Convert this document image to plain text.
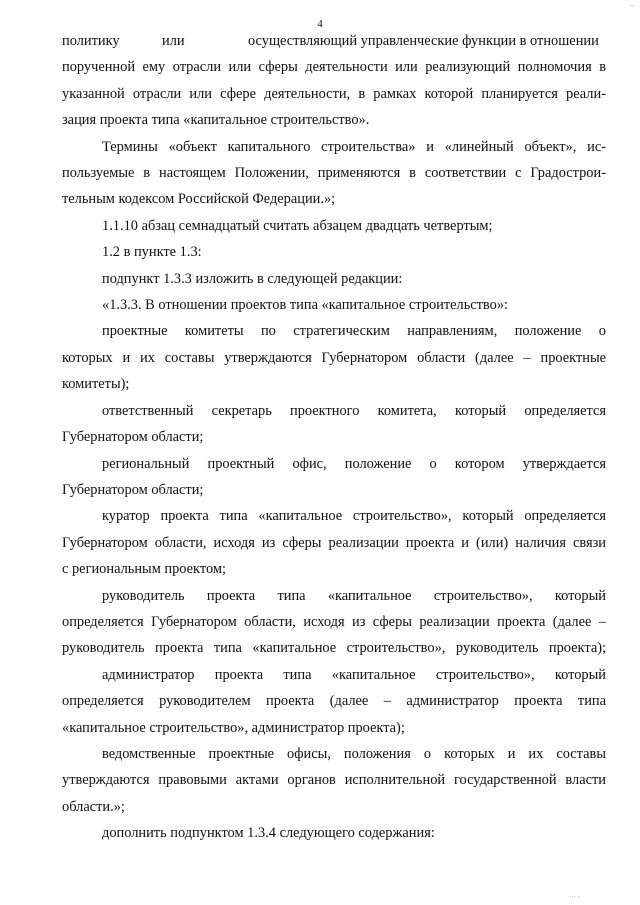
.,
4
политику	или	осуществляющий управленческие функции в отношении
порученной ему отрасли или сферы деятельности или реализующий полномочия в
указанной отрасли или сфере деятельности, в рамках которой планируется реали-
зация проекта типа «капитальное строительство».
Термины «объект капитального строительства» и «линейный объект», ис-
пользуемые в настоящем Положении, применяются в соответствии с Градострои-
тельным кодексом Российской Федерации.»;
1.1.10 абзац семнадцатый считать абзацем двадцать четвертым;
1.2 в пункте 1.3:
подпункт 1.3.3 изложить в следующей редакции:
«1.3.3. В отношении проектов типа «капитальное строительство»:
проектные комитеты по стратегическим направлениям, положение о
которых и их составы утверждаются Губернатором области (далее – проектные
комитеты);
ответственный секретарь проектного комитета, который определяется
Губернатором области;
региональный проектный офис, положение о котором утверждается
Губернатором области;
куратор проекта типа «капитальное строительство», который определяется
Губернатором области, исходя из сферы реализации проекта и (или) наличия связи
с региональным проектом;
руководитель проекта типа «капитальное строительство», который
определяется Губернатором области, исходя из сферы реализации проекта (далее –
руководитель проекта типа «капитальное строительство», руководитель проекта);
администратор проекта типа «капитальное строительство», который
определяется руководителем проекта (далее – администратор проекта типа
«капитальное строительство», администратор проекта);
ведомственные проектные офисы, положения о которых и их составы
утверждаются правовыми актами органов исполнительной государственной власти
области.»;
дополнить подпунктом 1.3.4 следующего содержания:
··· ·
